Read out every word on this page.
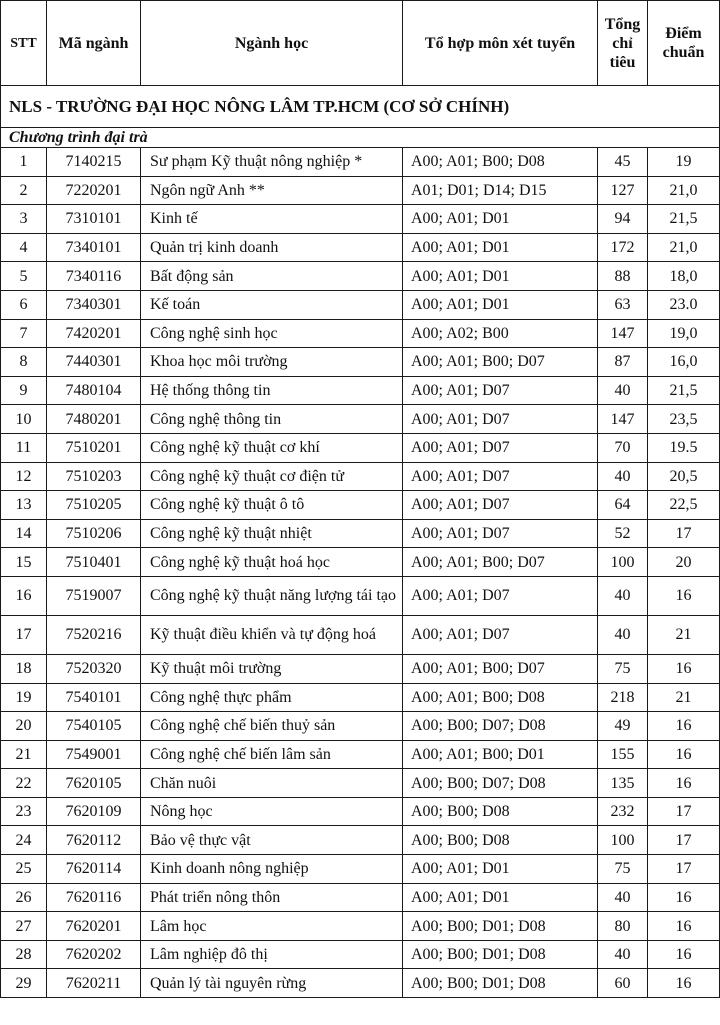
STT	Mã ngành	Ngành học	Tổ hợp môn xét tuyển	Tổng chỉ tiêu	Điểm chuẩn
NLS - TRƯỜNG ĐẠI HỌC NÔNG LÂM TP.HCM (CƠ SỞ CHÍNH)					
Chương trình đại trà					
1	7140215	Sư phạm Kỹ thuật nông nghiệp *	A00; A01; B00; D08	45	19
2	7220201	Ngôn ngữ Anh **	A01; D01; D14; D15	127	21,0
3	7310101	Kinh tế	A00; A01; D01	94	21,5
4	7340101	Quản trị kinh doanh	A00; A01; D01	172	21,0
5	7340116	Bất động sản	A00; A01; D01	88	18,0
6	7340301	Kế toán	A00; A01; D01	63	23.0
7	7420201	Công nghệ sinh học	A00; A02; B00	147	19,0
8	7440301	Khoa học môi trường	A00; A01; B00; D07	87	16,0
9	7480104	Hệ thống thông tin	A00; A01; D07	40	21,5
10	7480201	Công nghệ thông tin	A00; A01; D07	147	23,5
11	7510201	Công nghệ kỹ thuật cơ khí	A00; A01; D07	70	19.5
12	7510203	Công nghệ kỹ thuật cơ điện tử	A00; A01; D07	40	20,5
13	7510205	Công nghệ kỹ thuật ô tô	A00; A01; D07	64	22,5
14	7510206	Công nghệ kỹ thuật nhiệt	A00; A01; D07	52	17
15	7510401	Công nghệ kỹ thuật hoá học	A00; A01; B00; D07	100	20
16	7519007	Công nghệ kỹ thuật năng lượng tái tạo	A00; A01; D07	40	16
17	7520216	Kỹ thuật điều khiển và tự động hoá	A00; A01; D07	40	21
18	7520320	Kỹ thuật môi trường	A00; A01; B00; D07	75	16
19	7540101	Công nghệ thực phẩm	A00; A01; B00; D08	218	21
20	7540105	Công nghệ chế biến thuỷ sản	A00; B00; D07; D08	49	16
21	7549001	Công nghệ chế biến lâm sản	A00; A01; B00; D01	155	16
22	7620105	Chăn nuôi	A00; B00; D07; D08	135	16
23	7620109	Nông học	A00; B00; D08	232	17
24	7620112	Bảo vệ thực vật	A00; B00; D08	100	17
25	7620114	Kinh doanh nông nghiệp	A00; A01; D01	75	17
26	7620116	Phát triển nông thôn	A00; A01; D01	40	16
27	7620201	Lâm học	A00; B00; D01; D08	80	16
28	7620202	Lâm nghiệp đô thị	A00; B00; D01; D08	40	16
29	7620211	Quản lý tài nguyên rừng	A00; B00; D01; D08	60	16
